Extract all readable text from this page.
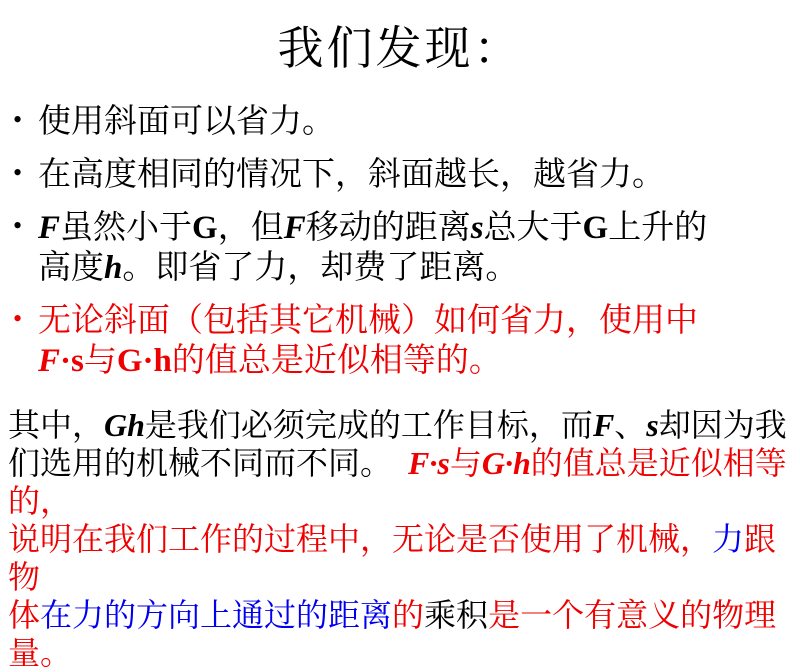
我们发现：
• 使用斜面可以省力。
• 在高度相同的情况下，斜面越长，越省力。
• F虽然小于G，但F移动的距离s总大于G上升的
高度h。即省了力，却费了距离。
• 无论斜面（包括其它机械）如何省力，使用中
F·s与G·h的值总是近似相等的。

其中，Gh是我们必须完成的工作目标，而F、s却因为我
们选用的机械不同而不同。　 F·s与G·h的值总是近似相等的，
说明在我们工作的过程中，无论是否使用了机械，力跟物
体在力的方向上通过的距离的乘积是一个有意义的物理量。
